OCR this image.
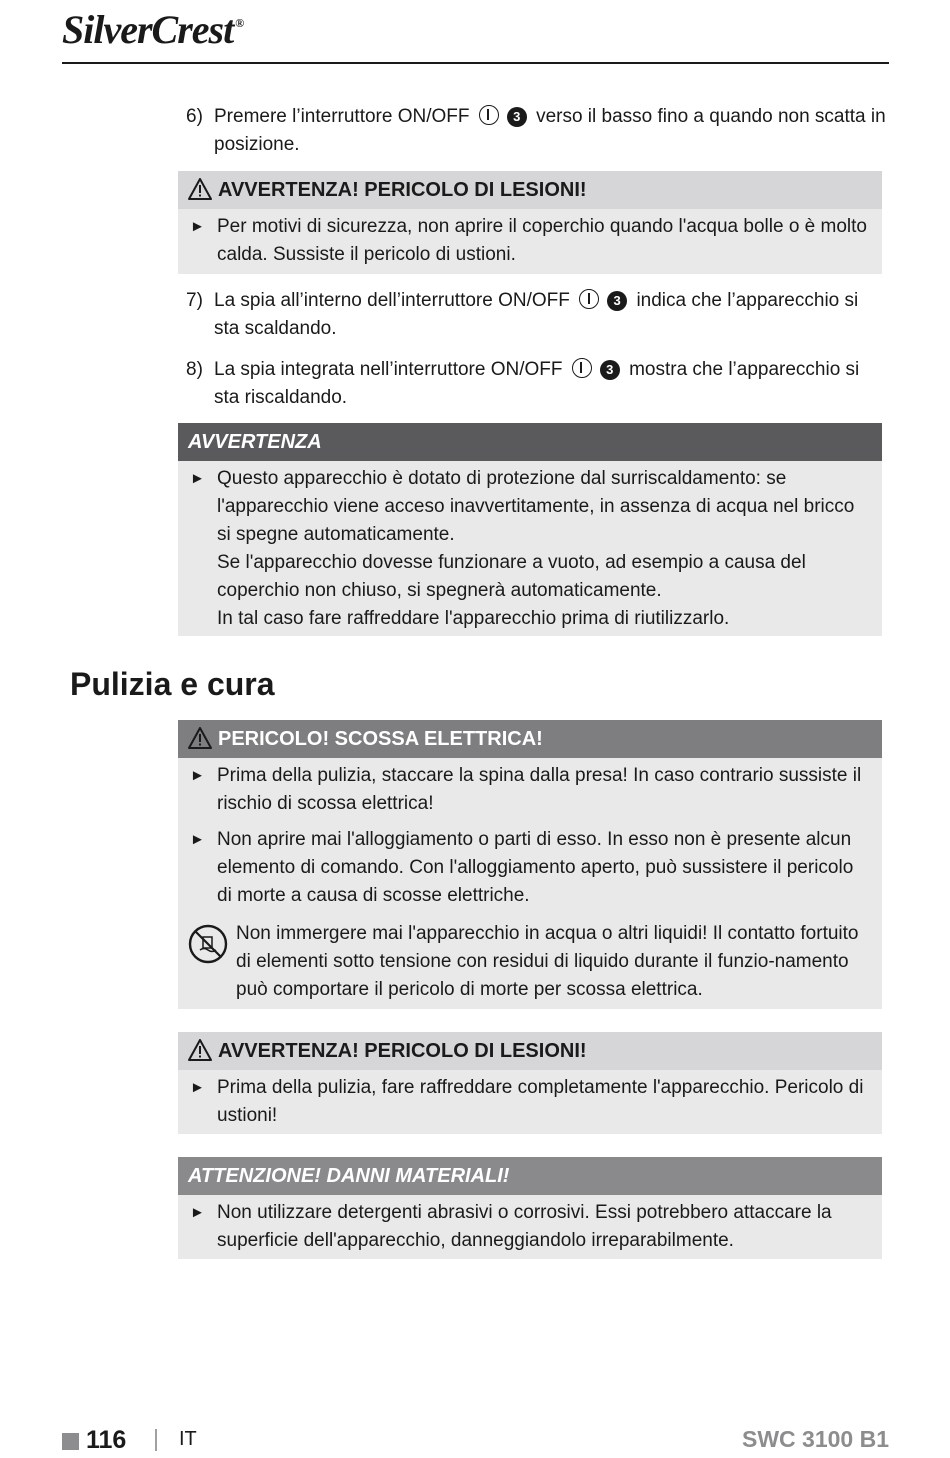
SilverCrest ®
6) Premere l’interruttore ON/OFF	3 verso il basso fino a quando non scatta in posizione.
AVVERTENZA! PERICOLO DI LESIONI!
► Per motivi di sicurezza, non aprire il coperchio quando l'acqua bolle o è molto calda. Sussiste il pericolo di ustioni.
7) La spia all’interno dell’interruttore ON/OFF	3 indica che l’apparecchio si sta scaldando.
8) La spia integrata nell’interruttore ON/OFF	3 mostra che l’apparecchio si sta riscaldando.
AVVERTENZA
► Questo apparecchio è dotato di protezione dal surriscaldamento: se l'apparecchio viene acceso inavvertitamente, in assenza di acqua nel bricco si spegne automaticamente.
Se l'apparecchio dovesse funzionare a vuoto, ad esempio a causa del coperchio non chiuso, si spegnerà automaticamente.
In tal caso fare raffreddare l'apparecchio prima di riutilizzarlo.
Pulizia e cura
PERICOLO! SCOSSA ELETTRICA!
► Prima della pulizia, staccare la spina dalla presa! In caso contrario sussiste il rischio di scossa elettrica!
► Non aprire mai l'alloggiamento o parti di esso. In esso non è presente alcun elemento di comando. Con l'alloggiamento aperto, può sussistere il pericolo di morte a causa di scosse elettriche.
Non immergere mai l'apparecchio in acqua o altri liquidi! Il contatto fortuito di elementi sotto tensione con residui di liquido durante il funzio-namento può comportare il pericolo di morte per scossa elettrica.
AVVERTENZA! PERICOLO DI LESIONI!
► Prima della pulizia, fare raffreddare completamente l'apparecchio. Pericolo di ustioni!
ATTENZIONE! DANNI MATERIALI!
► Non utilizzare detergenti abrasivi o corrosivi. Essi potrebbero attaccare la superficie dell'apparecchio, danneggiandolo irreparabilmente.
116	IT	SWC 3100 B1
